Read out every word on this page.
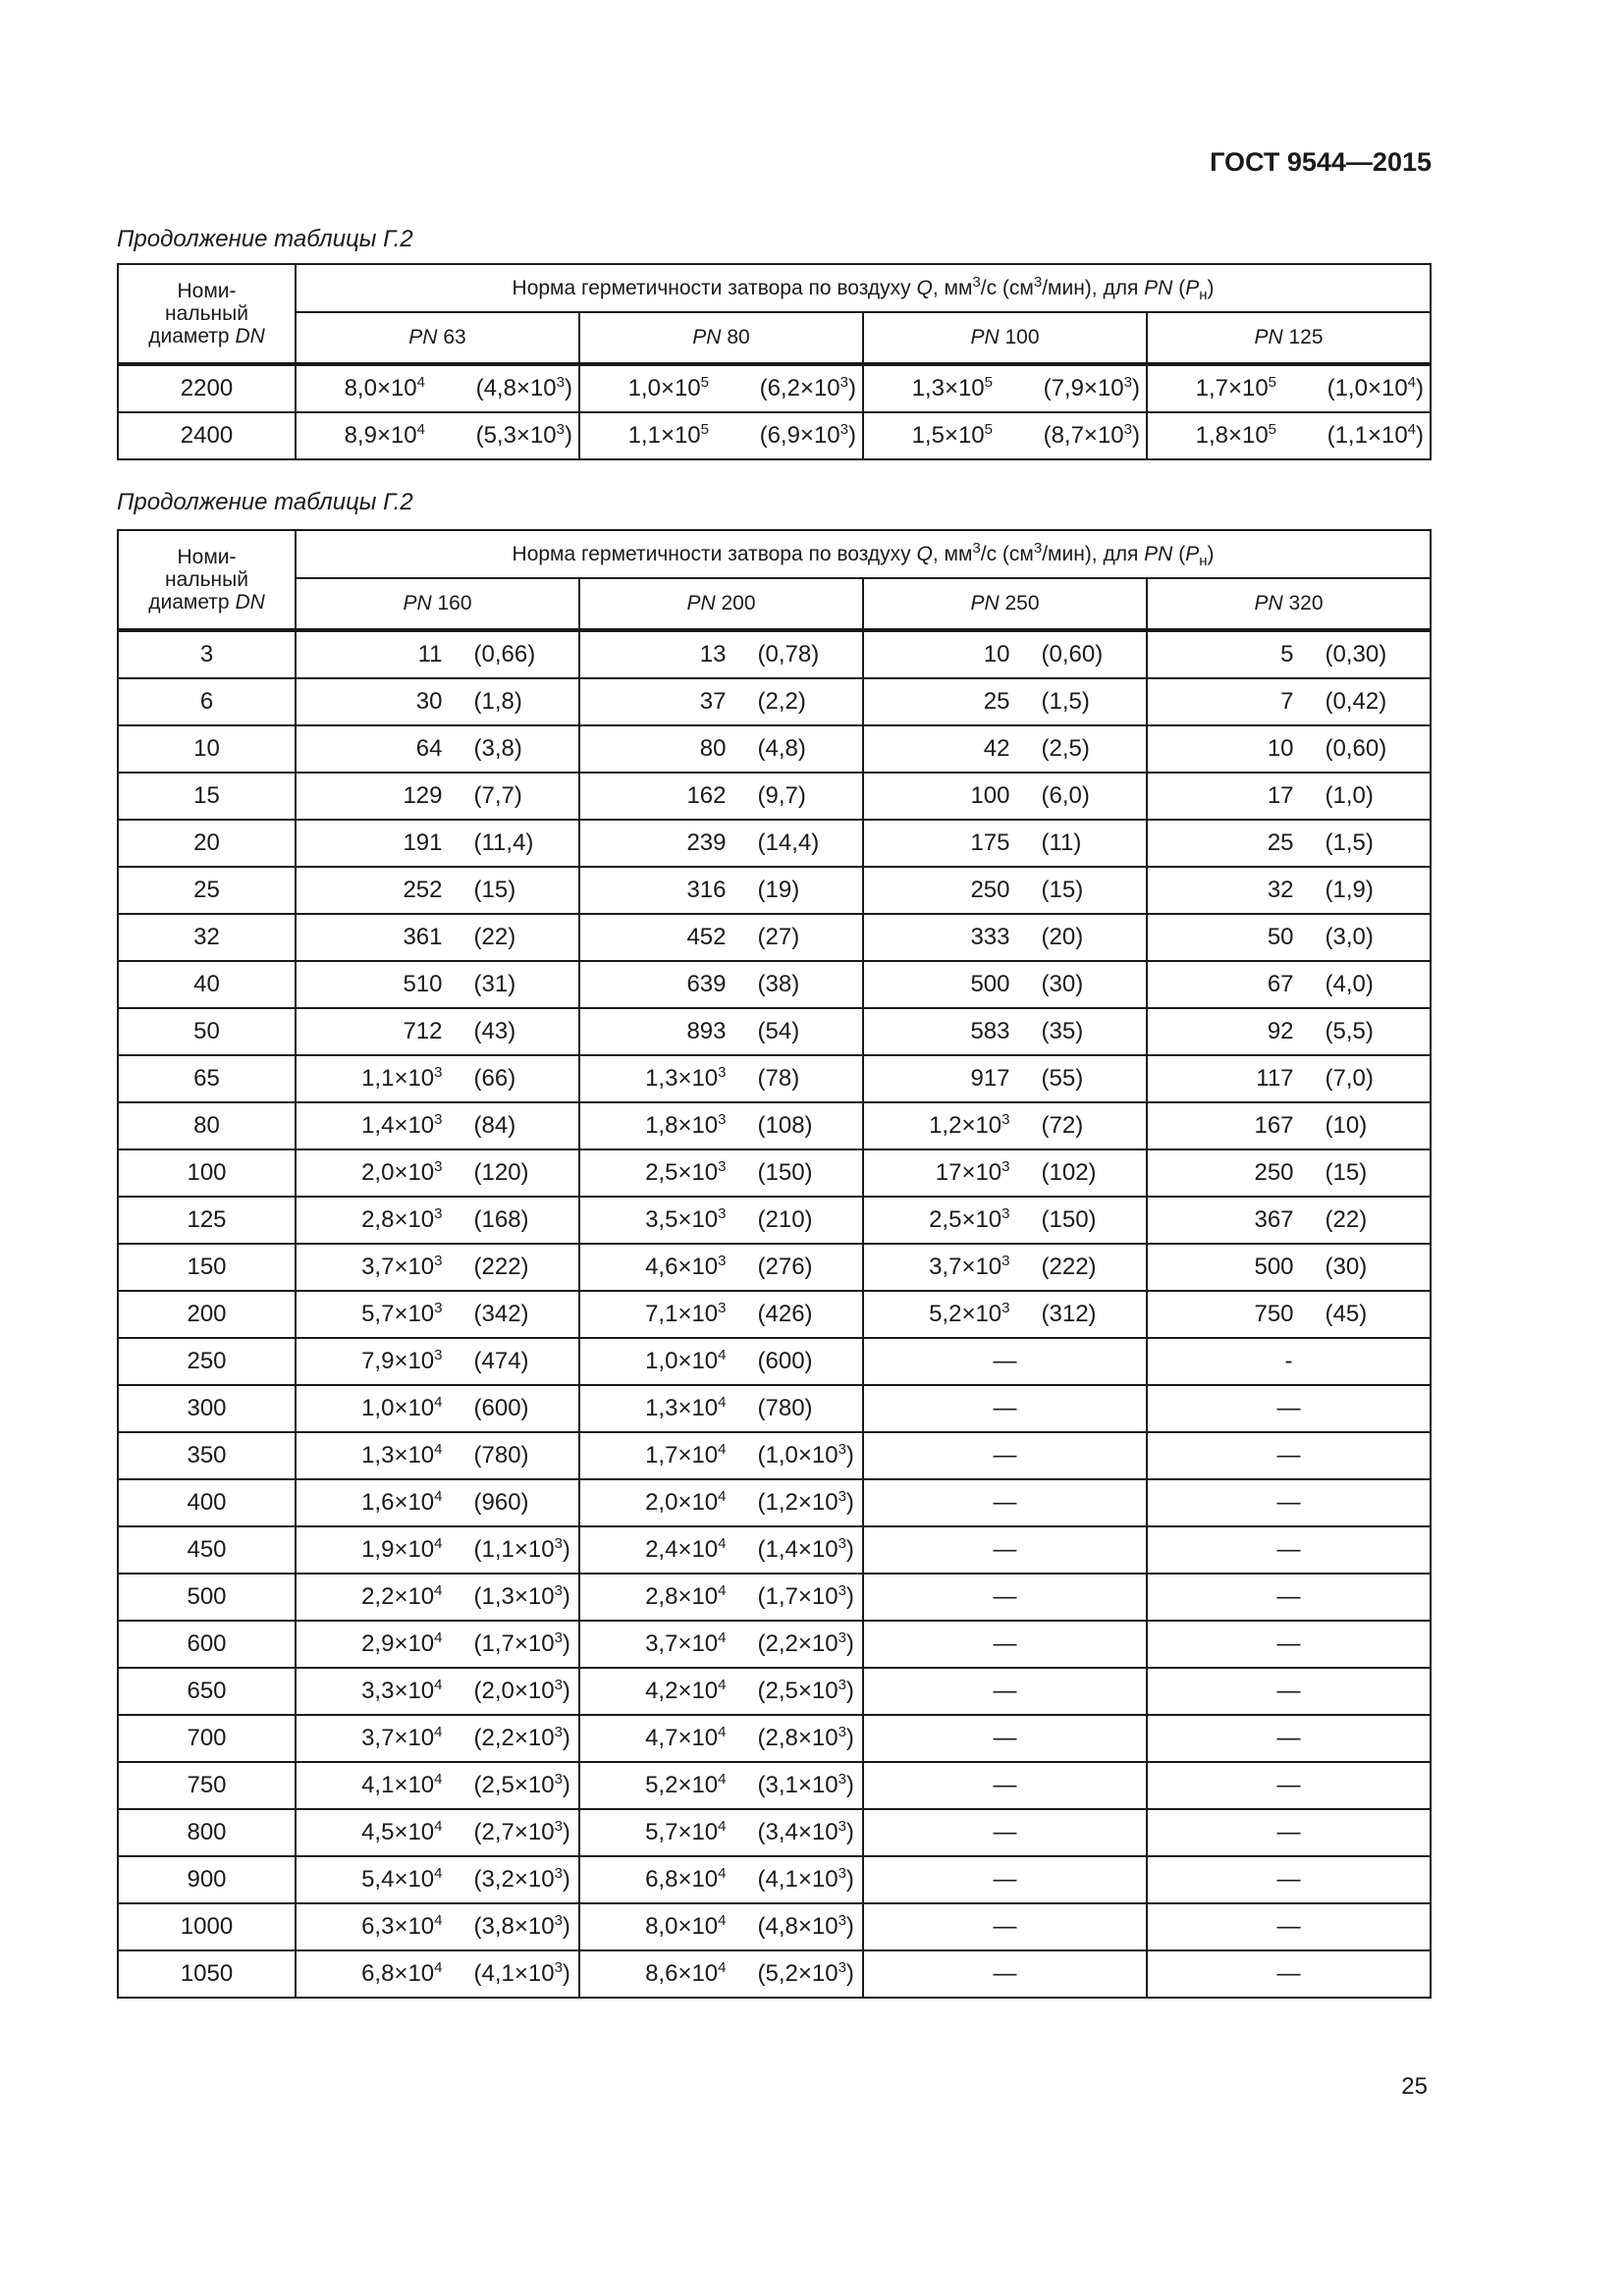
ГОСТ 9544—2015
Продолжение таблицы Г.2
Номи-
нальный
диаметр DN	Норма герметичности затвора по воздуху Q, $мм^3/с$ $(см^3/мин)$, для PN $(P_н)$			
	PN 63	PN 80	PN 100	PN 125
2200	$8,0\times 10^4$ $(4,8\times 10^3)$	$1,0\times 10^5$ $(6,2\times 10^3)$	$1,3\times 10^5$ $(7,9\times 10^3)$	$1,7\times 10^5$ $(1,0\times 10^4)$

2400	$8,9\times 10^4$ $(5,3\times 10^3)$	$1,1\times 10^5$ $(6,9\times 10^3)$	$1,5\times 10^5$ $(8,7\times 10^3)$	$1,8\times 10^5$ $(1,1\times 10^4)$
Продолжение таблицы Г.2
Номи-
нальный
диаметр DN	Норма герметичности затвора по воздуху Q, $мм^3/с$ $(см^3/мин)$, для PN $(P_н)$			
	PN 160	PN 200	PN 250	PN 320
3	11 (0,66)	13 (0,78)	10 (0,60)	5 (0,30)

6	30 (1,8)	37 (2,2)	25 (1,5)	7 (0,42)

10	64 (3,8)	80 (4,8)	42 (2,5)	10 (0,60)

15	129 (7,7)	162 (9,7)	100 (6,0)	17 (1,0)

20	191 (11,4)	239 (14,4)	175 (11)	25 (1,5)

25	252 (15)	316 (19)	250 (15)	32 (1,9)

32	361 (22)	452 (27)	333 (20)	50 (3,0)

40	510 (31)	639 (38)	500 (30)	67 (4,0)

50	712 (43)	893 (54)	583 (35)	92 (5,5)

65	$1,1\times 10^3$ (66)	$1,3\times 10^3$ (78)	917 (55)	117 (7,0)

80	$1,4\times 10^3$ (84)	$1,8\times 10^3$ (108)	$1,2\times 10^3$ (72)	167 (10)

100	$2,0\times 10^3$ (120)	$2,5\times 10^3$ (150)	$17\times 10^3$ (102)	250 (15)

125	$2,8\times 10^3$ (168)	$3,5\times 10^3$ (210)	$2,5\times 10^3$ (150)	367 (22)

150	$3,7\times 10^3$ (222)	$4,6\times 10^3$ (276)	$3,7\times 10^3$ (222)	500 (30)

200	$5,7\times 10^3$ (342)	$7,1\times 10^3$ (426)	$5,2\times 10^3$ (312)	750 (45)

250	$7,9\times 10^3$ (474)	$1,0\times 10^4$ (600)	—	-
300	$1,0\times 10^4$ (600)	$1,3\times 10^4$ (780)	—	—
350	$1,3\times 10^4$ (780)	$1,7\times 10^4$ $(1,0\times 10^3)$	—	—
400	$1,6\times 10^4$ (960)	$2,0\times 10^4$ $(1,2\times 10^3)$	—	—
450	$1,9\times 10^4$ $(1,1\times 10^3)$	$2,4\times 10^4$ $(1,4\times 10^3)$	—	—
500	$2,2\times 10^4$ $(1,3\times 10^3)$	$2,8\times 10^4$ $(1,7\times 10^3)$	—	—
600	$2,9\times 10^4$ $(1,7\times 10^3)$	$3,7\times 10^4$ $(2,2\times 10^3)$	—	—
650	$3,3\times 10^4$ $(2,0\times 10^3)$	$4,2\times 10^4$ $(2,5\times 10^3)$	—	—
700	$3,7\times 10^4$ $(2,2\times 10^3)$	$4,7\times 10^4$ $(2,8\times 10^3)$	—	—
750	$4,1\times 10^4$ $(2,5\times 10^3)$	$5,2\times 10^4$ $(3,1\times 10^3)$	—	—
800	$4,5\times 10^4$ $(2,7\times 10^3)$	$5,7\times 10^4$ $(3,4\times 10^3)$	—	—
900	$5,4\times 10^4$ $(3,2\times 10^3)$	$6,8\times 10^4$ $(4,1\times 10^3)$	—	—
1000	$6,3\times 10^4$ $(3,8\times 10^3)$	$8,0\times 10^4$ $(4,8\times 10^3)$	—	—
1050	$6,8\times 10^4$ $(4,1\times 10^3)$	$8,6\times 10^4$ $(5,2\times 10^3)$	—	—
25
